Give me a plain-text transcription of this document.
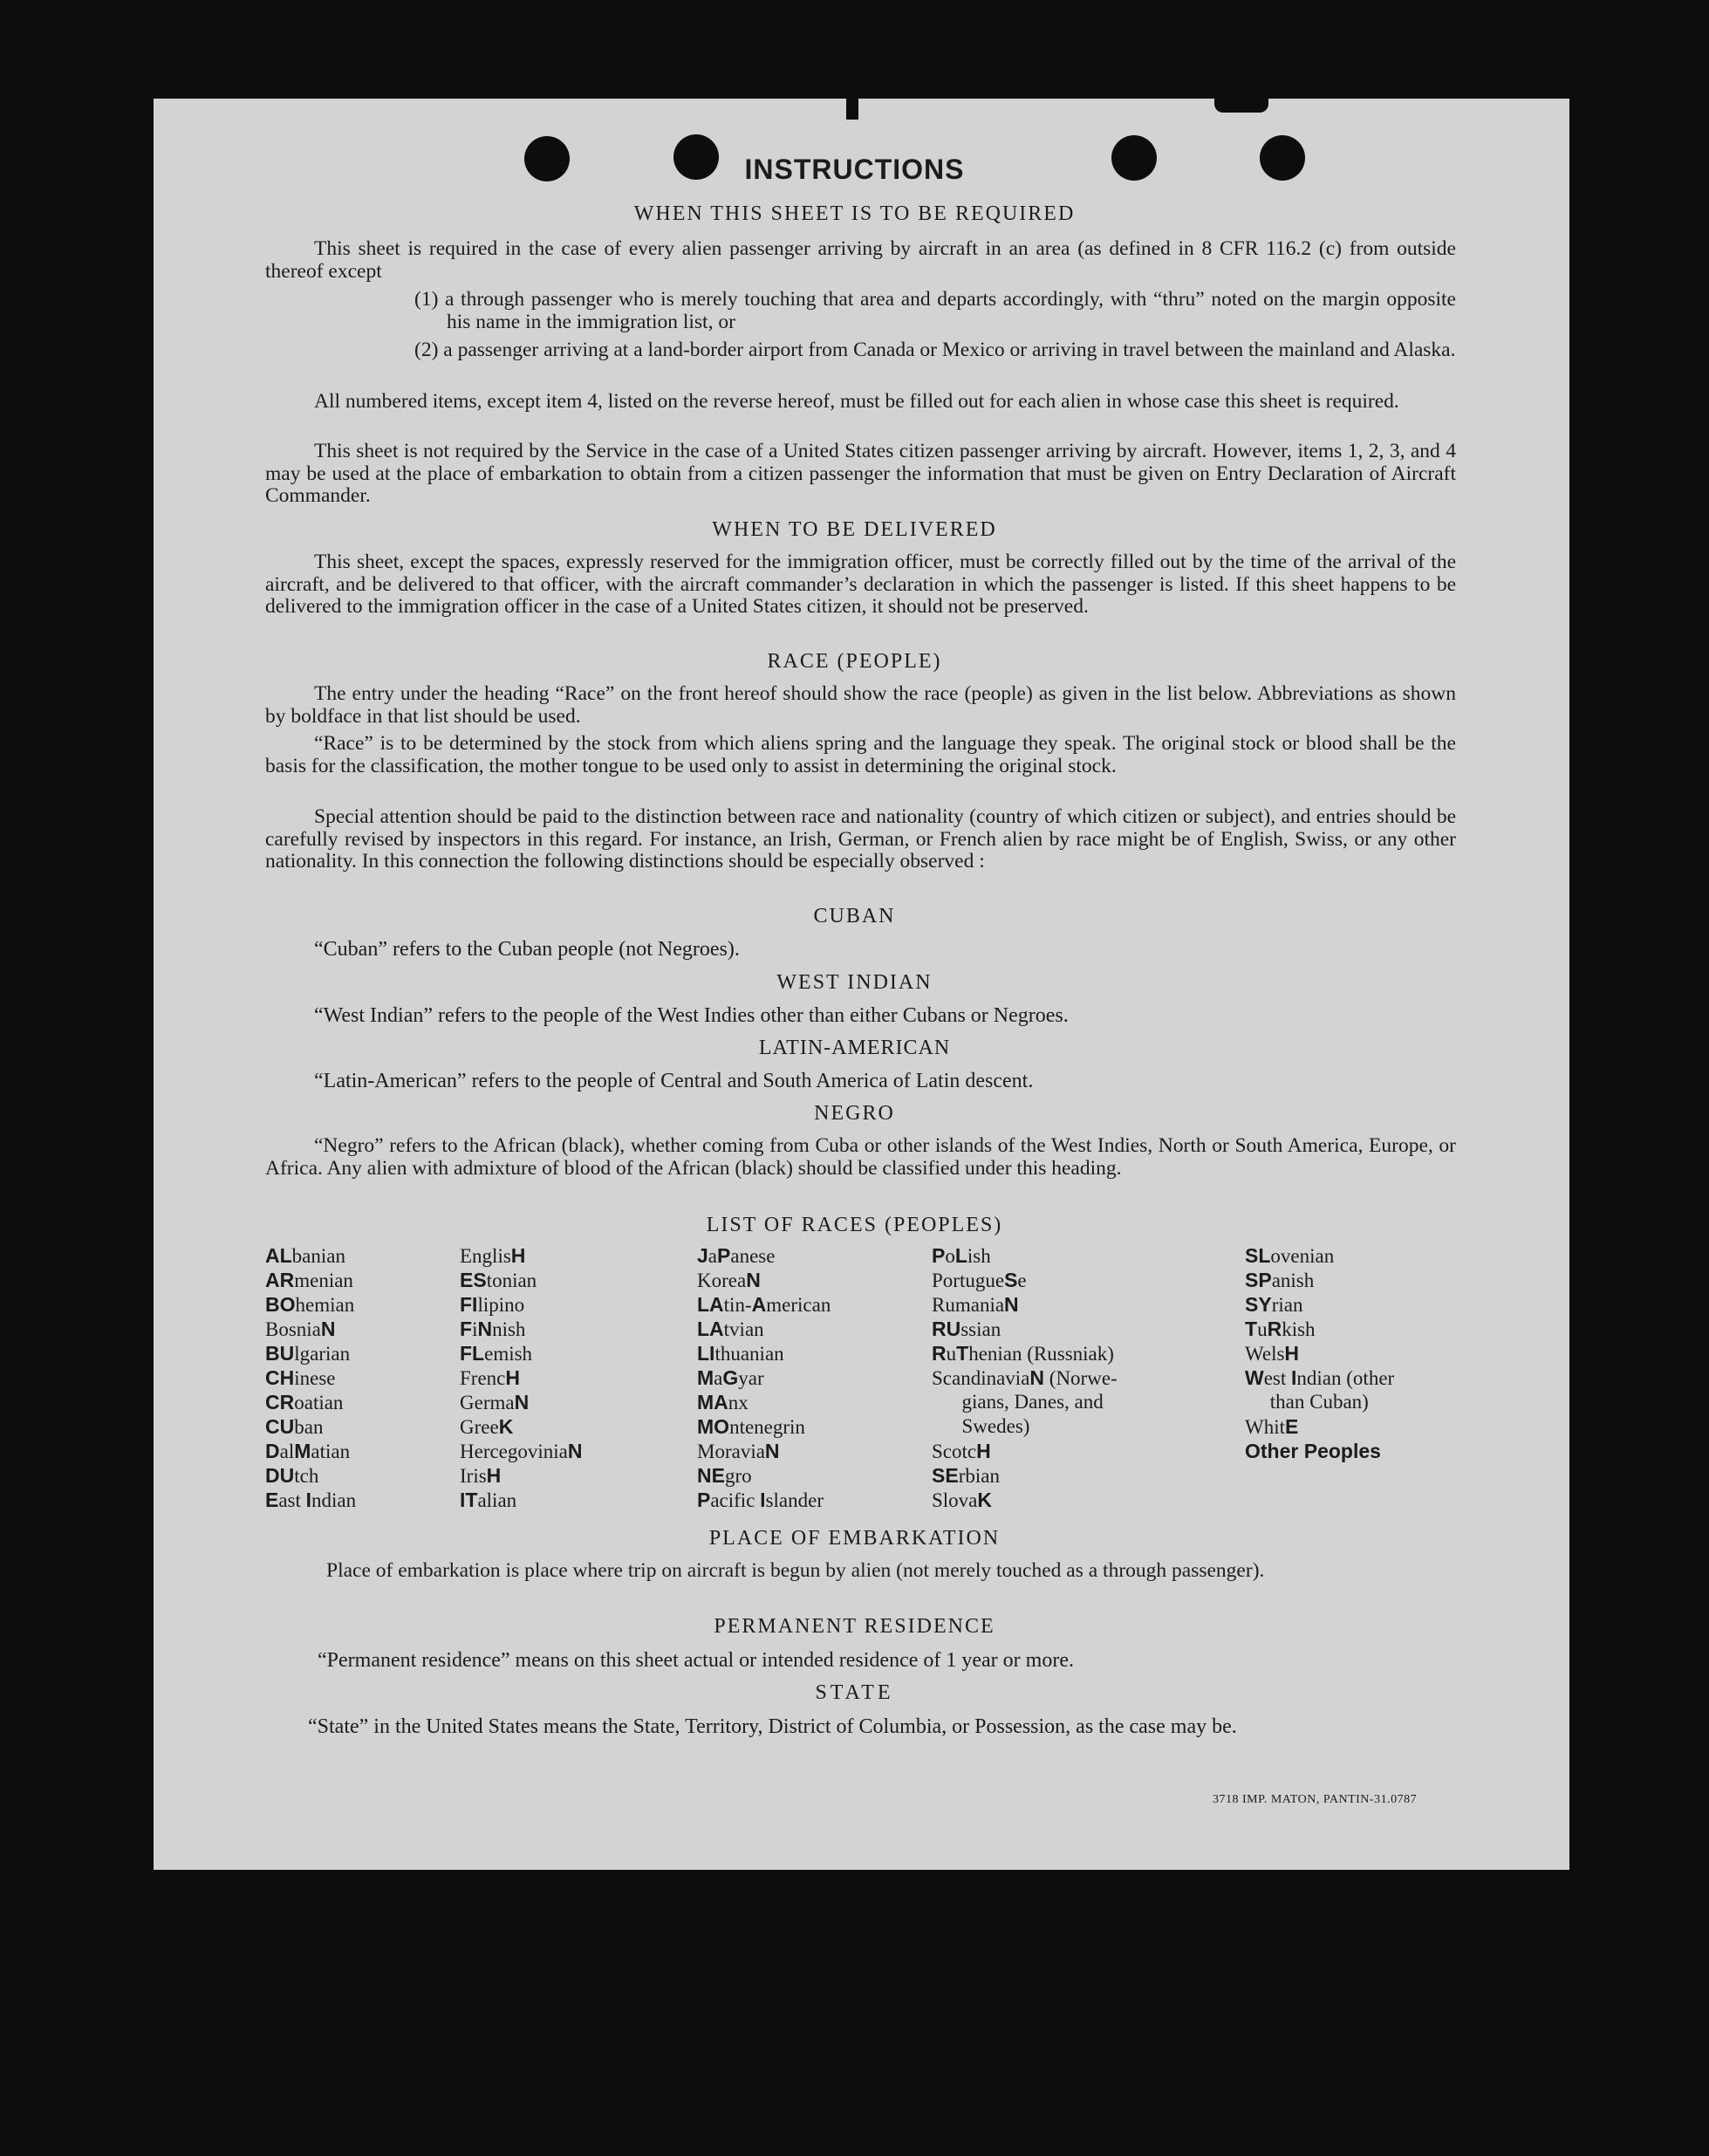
INSTRUCTIONS
WHEN THIS SHEET IS TO BE REQUIRED
This sheet is required in the case of every alien passenger arriving by aircraft in an area (as defined in 8 CFR 116.2 (c) from outside thereof except
(1) a through passenger who is merely touching that area and departs accordingly, with “thru” noted on the margin opposite his name in the immigration list, or
(2) a passenger arriving at a land-border airport from Canada or Mexico or arriving in travel between the mainland and Alaska.
All numbered items, except item 4, listed on the reverse hereof, must be filled out for each alien in whose case this sheet is required.
This sheet is not required by the Service in the case of a United States citizen passenger arriving by aircraft. However, items 1, 2, 3, and 4 may be used at the place of embarkation to obtain from a citizen passenger the information that must be given on Entry Declaration of Aircraft Commander.
WHEN TO BE DELIVERED
This sheet, except the spaces, expressly reserved for the immigration officer, must be correctly filled out by the time of the arrival of the aircraft, and be delivered to that officer, with the aircraft commander’s declaration in which the passenger is listed. If this sheet happens to be delivered to the immigration officer in the case of a United States citizen, it should not be preserved.
RACE (PEOPLE)
The entry under the heading “Race” on the front hereof should show the race (people) as given in the list below. Abbreviations as shown by boldface in that list should be used.
“Race” is to be determined by the stock from which aliens spring and the language they speak. The original stock or blood shall be the basis for the classification, the mother tongue to be used only to assist in determining the original stock.
Special attention should be paid to the distinction between race and nationality (country of which citizen or subject), and entries should be carefully revised by inspectors in this regard. For instance, an Irish, German, or French alien by race might be of English, Swiss, or any other nationality. In this connection the following distinctions should be especially observed :
CUBAN
“Cuban” refers to the Cuban people (not Negroes).
WEST INDIAN
“West Indian” refers to the people of the West Indies other than either Cubans or Negroes.
LATIN-AMERICAN
“Latin-American” refers to the people of Central and South America of Latin descent.
NEGRO
“Negro” refers to the African (black), whether coming from Cuba or other islands of the West Indies, North or South America, Europe, or Africa. Any alien with admixture of blood of the African (black) should be classified under this heading.
LIST OF RACES (PEOPLES)
ALbanian
ARmenian
BOhemian
BosniaN
BUlgarian
CHinese
CRoatian
CUban
DalMatian
DUtch
East Indian
EnglisH
EStonian
FIlipino
FiNnish
FLemish
FrencH
GermaN
GreeK
HercegoviniaN
IrisH
ITalian
JaPanese
KoreaN
LAtin-American
LAtvian
LIthuanian
MaGyar
MAnx
MOntenegrin
MoraviaN
NEgro
Pacific Islander
PoLish
PortugueSe
RumaniaN
RUssian
RuThenian (Russniak)
ScandinaviaN (Norwe-
gians, Danes, and
Swedes)
ScotcH
SErbian
SlovaK
SLovenian
SPanish
SYrian
TuRkish
WelsH
West Indian (other
than Cuban)
WhitE
Other Peoples
PLACE OF EMBARKATION
Place of embarkation is place where trip on aircraft is begun by alien (not merely touched as a through passenger).
PERMANENT RESIDENCE
“Permanent residence” means on this sheet actual or intended residence of 1 year or more.
STATE
“State” in the United States means the State, Territory, District of Columbia, or Possession, as the case may be.
3718 IMP. MATON, PANTIN-31.0787
